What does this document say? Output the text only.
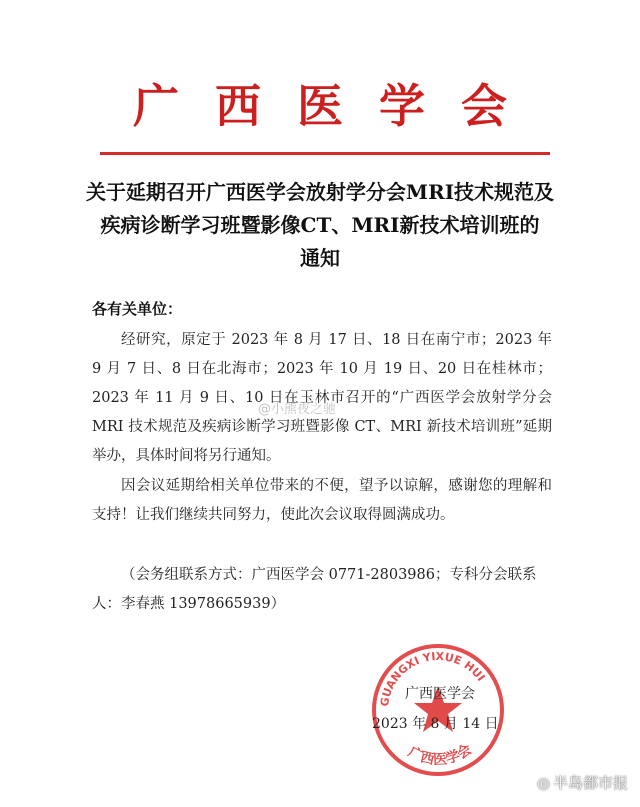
广西医学会
关于延期召开广西医学会放射学分会MRI技术规范及
疾病诊断学习班暨影像CT、MRI新技术培训班的
通知
各有关单位：
经研究，原定于 2023 年 8 月 17 日、18 日在南宁市；2023 年 9 月 7 日、8 日在北海市；2023 年 10 月 19 日、20 日在桂林市；2023 年 11 月 9 日、10 日在玉林市召开的“广西医学会放射学分会 MRI 技术规范及疾病诊断学习班暨影像 CT、MRI 新技术培训班”延期举办，具体时间将另行通知。
因会议延期给相关单位带来的不便，望予以谅解，感谢您的理解和支持！让我们继续共同努力，使此次会议取得圆满成功。
（会务组联系方式：广西医学会 0771-2803986；专科分会联系人：李春燕 13978665939）
@小熊夜之驰
GUANGXI YIXUE HUI
广西医学会
广西医学会
2023 年 8 月 14 日
◎ 半岛都市报
